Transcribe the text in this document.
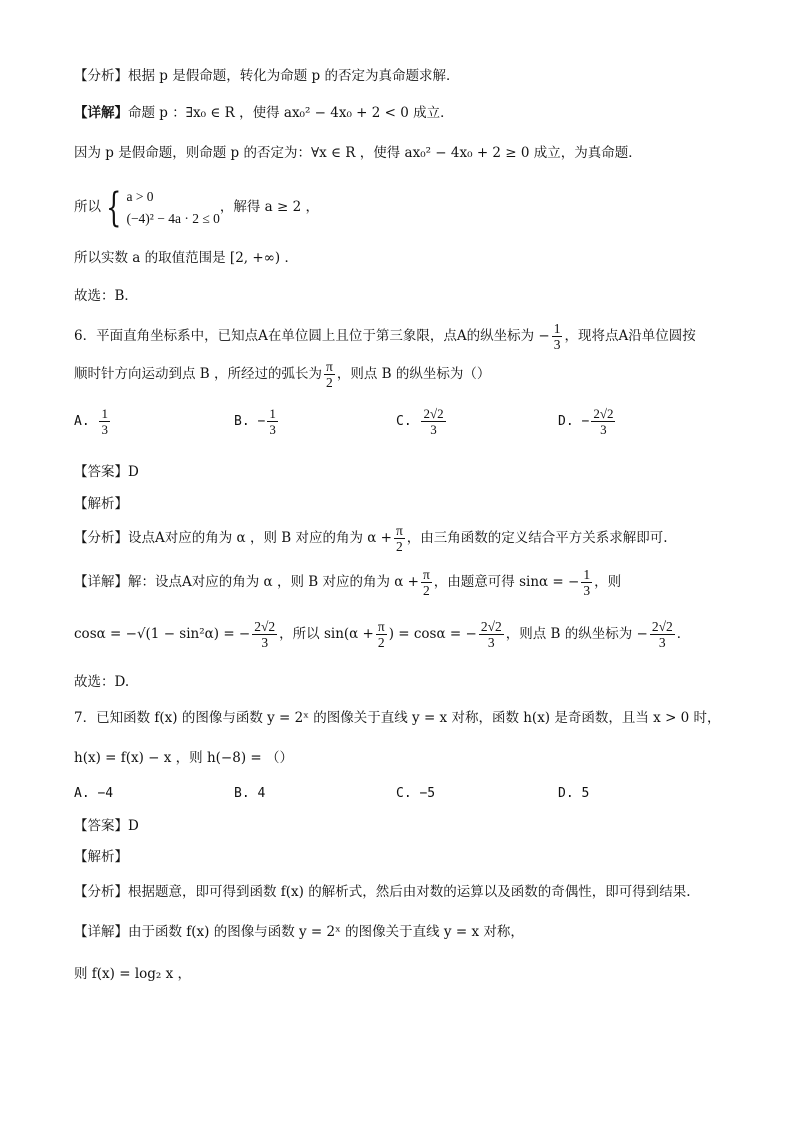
【分析】根据 p 是假命题，转化为命题 p 的否定为真命题求解．
【详解】命题 p ：∃x₀ ∈ R ，使得 ax₀² − 4x₀ + 2 < 0 成立．
因为 p 是假命题，则命题 p 的否定为：∀x ∈ R ，使得 ax₀² − 4x₀ + 2 ≥ 0 成立，为真命题．
所以 { a > 0
(−4)² − 4a · 2 ≤ 0
，解得 a ≥ 2 ，
所以实数 a 的取值范围是 [2, +∞) ．
故选：B．
6．平面直角坐标系中，已知点A在单位圆上且位于第三象限，点A的纵坐标为 − $\frac{1}{3}$ ，现将点A沿单位圆按
顺时针方向运动到点 B ，所经过的弧长为 $\frac{\pi}{2}$ ，则点 B 的纵坐标为（）
A. $\frac{1}{3}$	B. − $\frac{1}{3}$	C. $\frac{2√2}{3}$	D. − $\frac{2√2}{3}$
【答案】D
【解析】
【分析】设点A对应的角为 α ，则 B 对应的角为 $\alpha + \frac{\pi}{2}$ ，由三角函数的定义结合平方关系求解即可.
【详解】解：设点A对应的角为 α ，则 B 对应的角为 $\alpha + \frac{\pi}{2}$ ，由题意可得 sinα = − $\frac{1}{3}$ ，则
cosα = −√(1 − sin²α) = − $\frac{2√2}{3}$ ，所以 $\sin(\alpha + \frac{\pi}{2}$ ) = cosα = − $\frac{2√2}{3}$ ，则点 B 的纵坐标为 − $\frac{2√2}{3}$ ．
故选：D.
7．已知函数 f(x) 的图像与函数 y = 2ˣ 的图像关于直线 y = x 对称，函数 h(x) 是奇函数，且当 x > 0 时，
h(x) = f(x) − x ，则 h(−8) = （）
A. −4	B. 4	C. −5	D. 5
【答案】D
【解析】
【分析】根据题意，即可得到函数 f(x) 的解析式，然后由对数的运算以及函数的奇偶性，即可得到结果.
【详解】由于函数 f(x) 的图像与函数 y = 2ˣ 的图像关于直线 y = x 对称，
则 f(x) = log₂ x ，
